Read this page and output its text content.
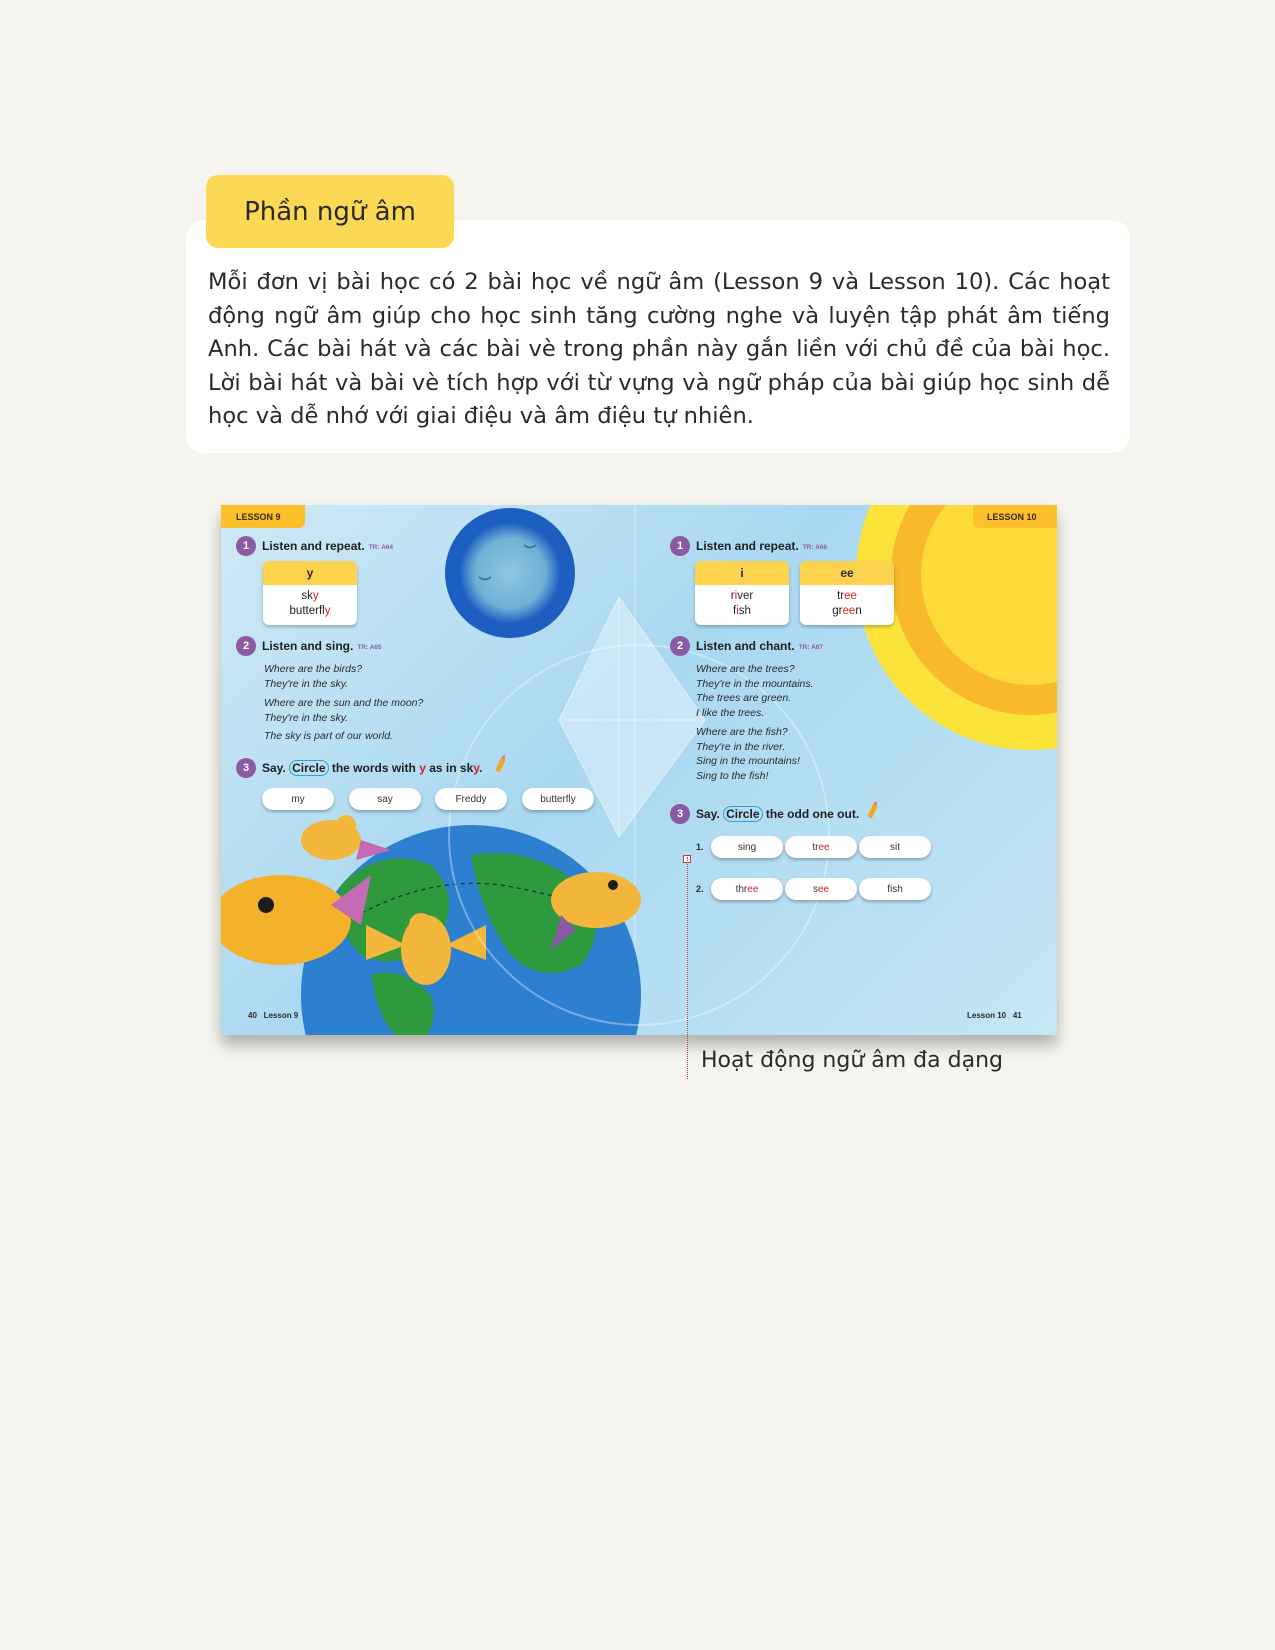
Phần ngữ âm

Mỗi đơn vị bài học có 2 bài học về ngữ âm (Lesson 9 và Lesson 10). Các hoạt động ngữ âm giúp cho học sinh tăng cường nghe và luyện tập phát âm tiếng Anh. Các bài hát và các bài vè trong phần này gắn liền với chủ đề của bài học. Lời bài hát và bài vè tích hợp với từ vựng và ngữ pháp của bài giúp học sinh dễ học và dễ nhớ với giai điệu và âm điệu tự nhiên.

LESSON 9
1	Listen and repeat. TR: A64
y
sky
butterfly
2	Listen and sing. TR: A65
Where are the birds?
They're in the sky.
Where are the sun and the moon?
They're in the sky.
The sky is part of our world.
3	Say. Circle the words with y as in sky.
my	say	Freddy	butterfly
40 Lesson 9
LESSON 10
1	Listen and repeat. TR: A66
i
river
fish
ee
tree
green
2	Listen and chant. TR: A67
Where are the trees?
They're in the mountains.
The trees are green.
I like the trees.
Where are the fish?
They're in the river.
Sing in the mountains!
Sing to the fish!
3	Say. Circle the odd one out.
1.	sing	tr ee	sit
2.	thr ee	s ee	fish
Lesson 10 41
Hoạt động ngữ âm đa dạng
